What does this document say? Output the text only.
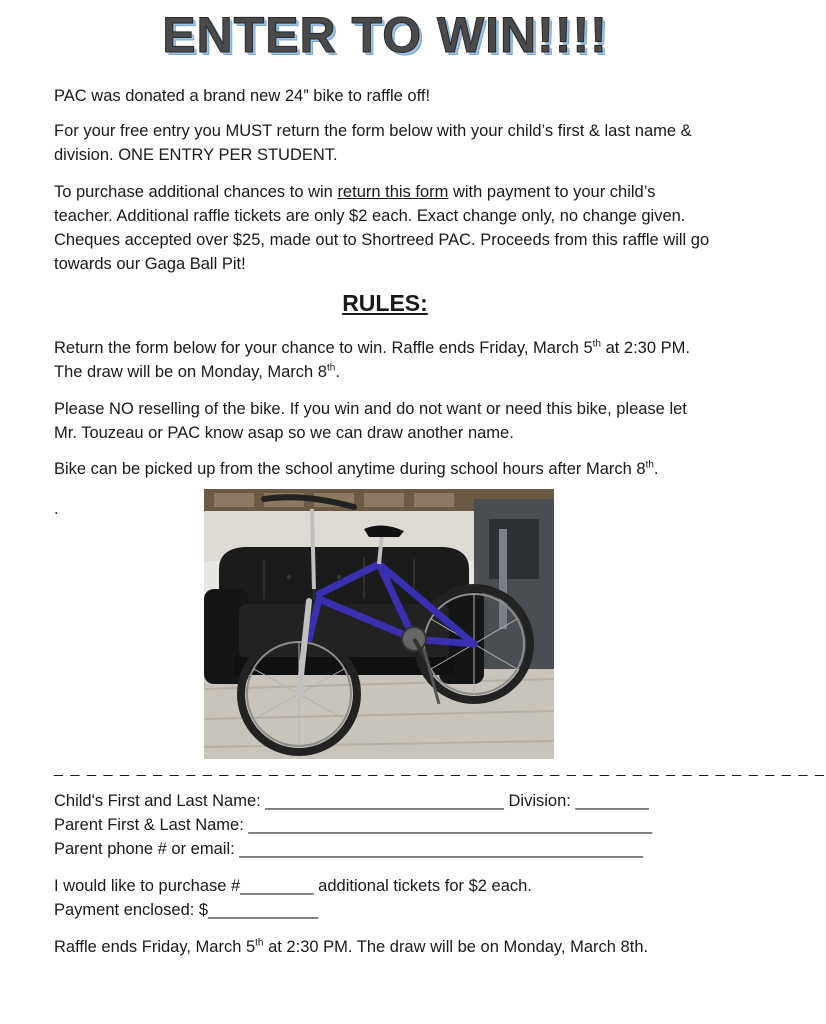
ENTER TO WIN!!!!

PAC was donated a brand new 24” bike to raffle off!

For your free entry you MUST return the form below with your child’s first & last name & division. ONE ENTRY PER STUDENT.

To purchase additional chances to win return this form with payment to your child’s teacher. Additional raffle tickets are only $2 each. Exact change only, no change given. Cheques accepted over $25, made out to Shortreed PAC. Proceeds from this raffle will go towards our Gaga Ball Pit!

RULES:

Return the form below for your chance to win. Raffle ends Friday, March 5th at 2:30 PM. The draw will be on Monday, March 8th.

Please NO reselling of the bike. If you win and do not want or need this bike, please let Mr. Touzeau or PAC know asap so we can draw another name.

Bike can be picked up from the school anytime during school hours after March 8th.

.

_ _ _ _ _ _ _ _ _ _ _ _ _ _ _ _ _ _ _ _ _ _ _ _ _ _ _ _ _ _ _ _ _ _ _ _ _ _ _ _ _ _ _ _ _ _ _

Child's First and Last Name: __________________________ Division: ________

Parent First & Last Name: ____________________________________________

Parent phone # or email: ____________________________________________

I would like to purchase #________ additional tickets for $2 each.

Payment enclosed: $____________

Raffle ends Friday, March 5th at 2:30 PM. The draw will be on Monday, March 8th.
